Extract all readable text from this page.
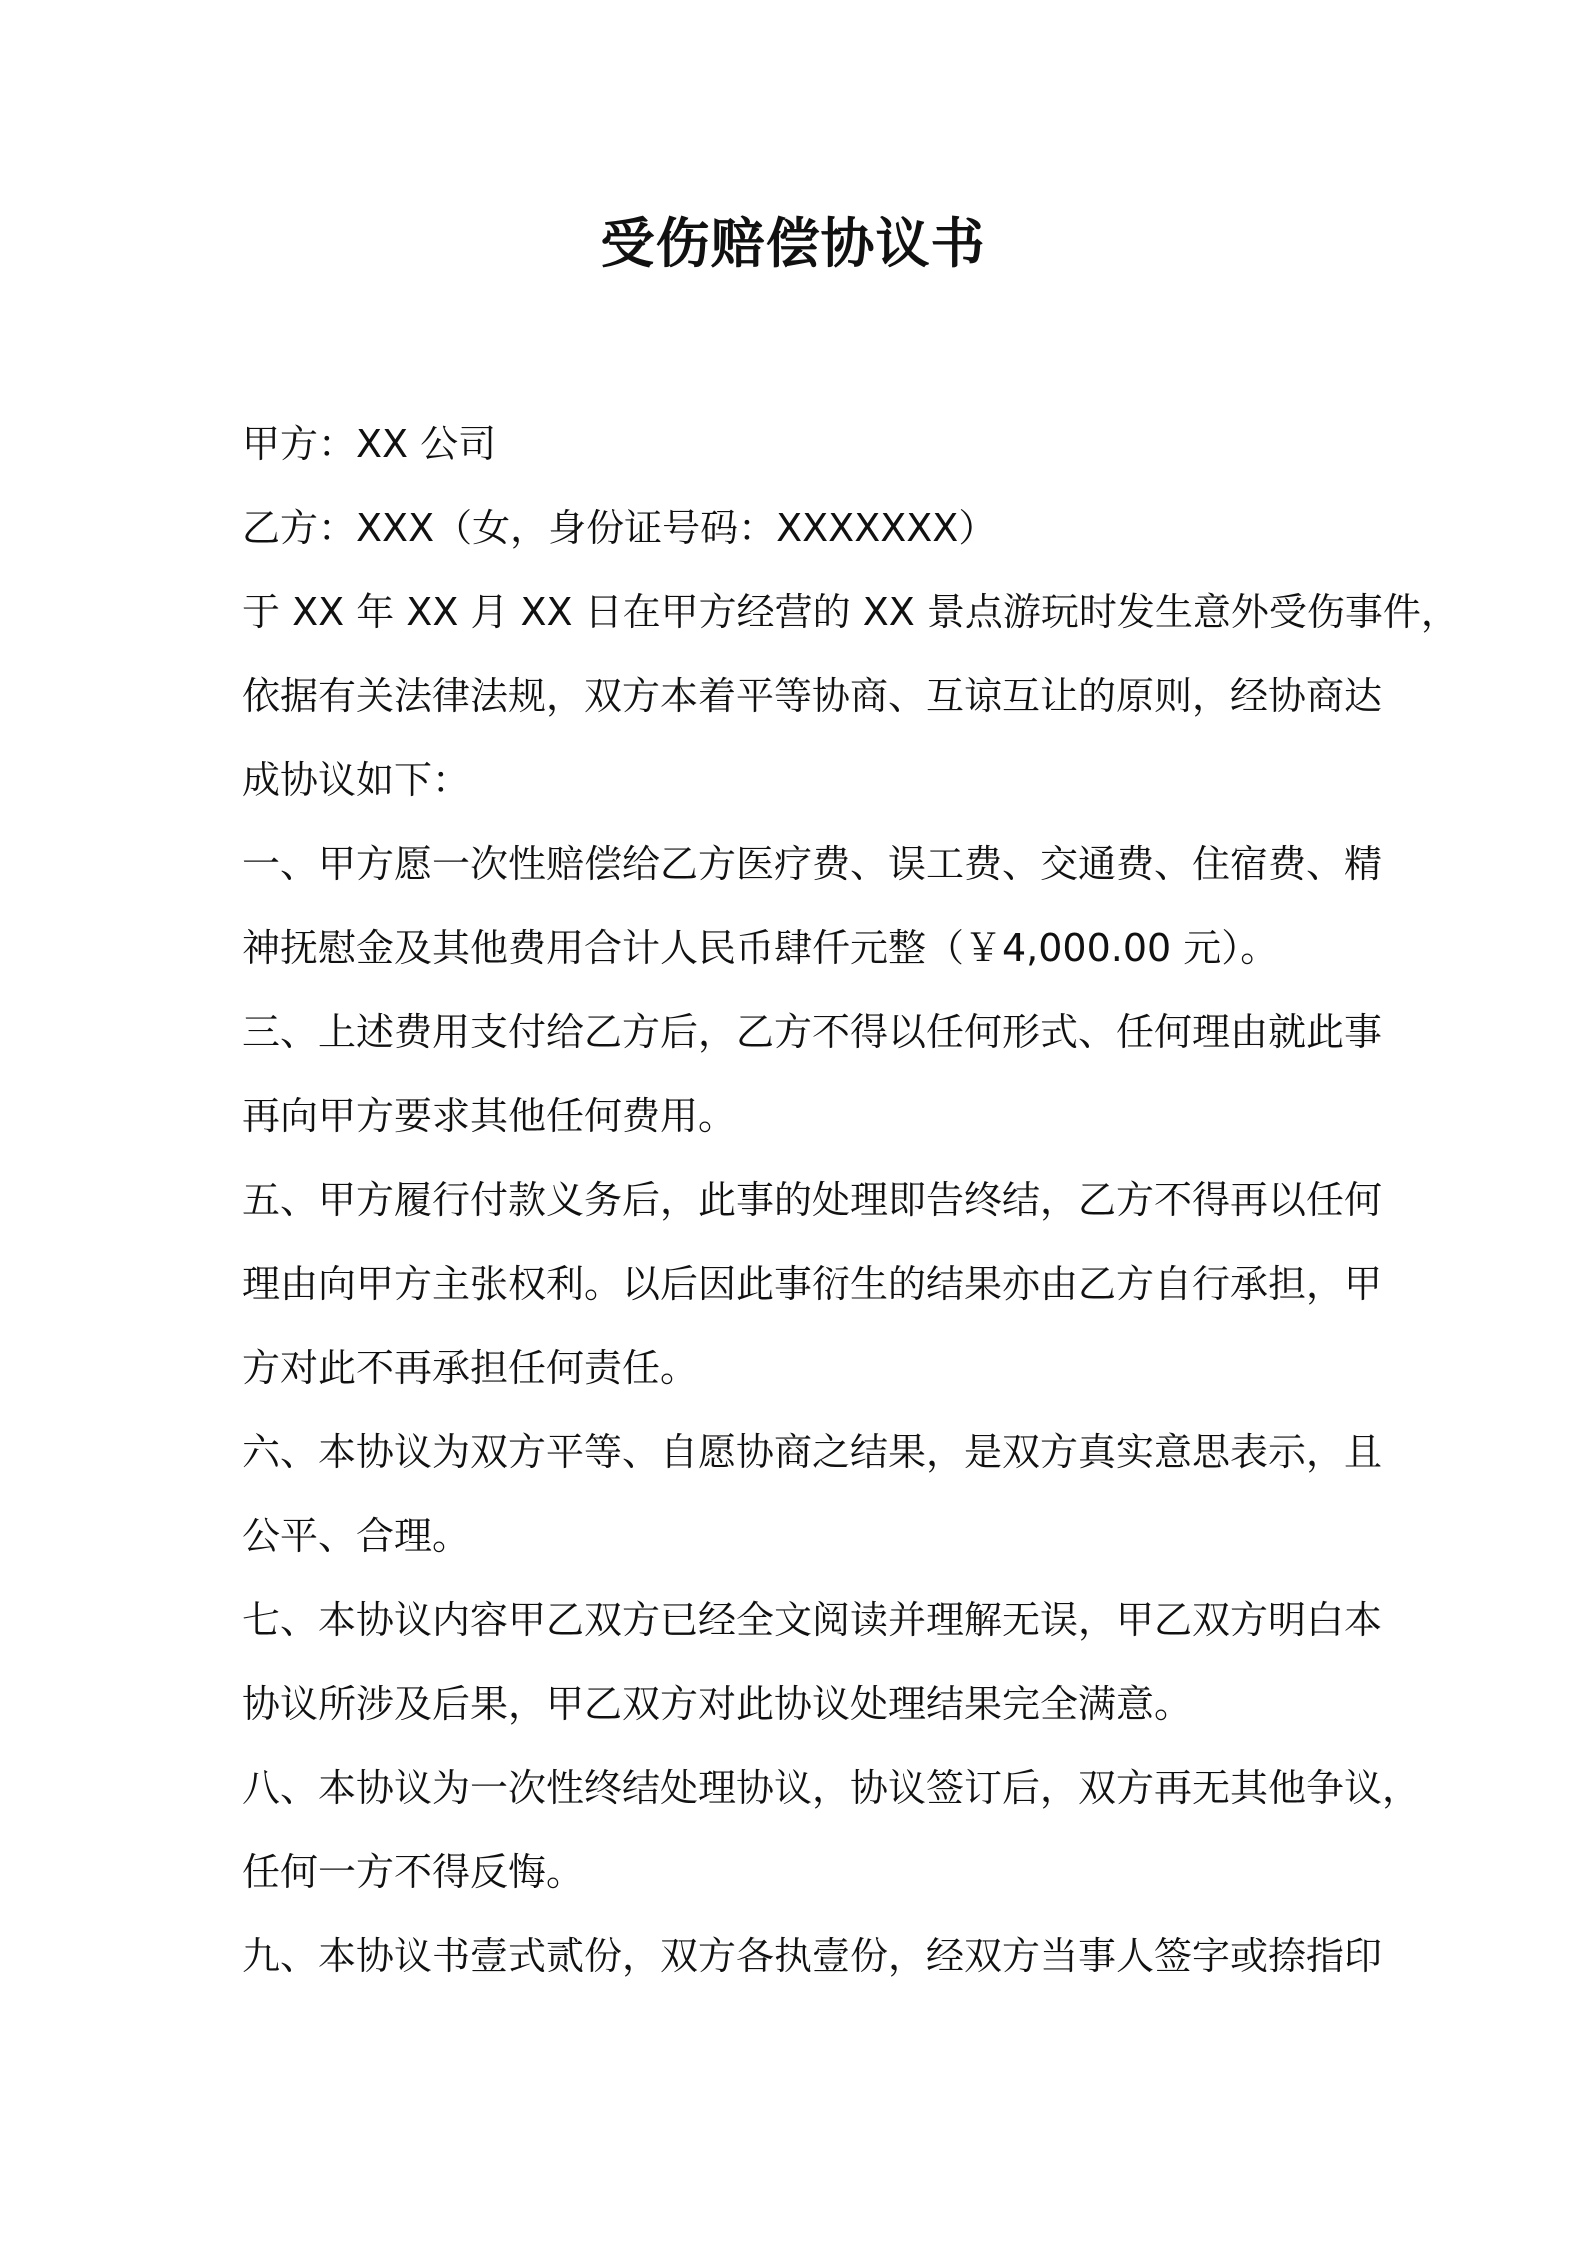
受伤赔偿协议书

甲方：XX 公司

乙方：XXX（女，身份证号码：XXXXXXX）

于 XX 年 XX 月 XX 日在甲方经营的 XX 景点游玩时发生意外受伤事件，

依据有关法律法规，双方本着平等协商、互谅互让的原则，经协商达

成协议如下：

一、甲方愿一次性赔偿给乙方医疗费、误工费、交通费、住宿费、精

神抚慰金及其他费用合计人民币肆仟元整（￥4,000.00 元）。

三、上述费用支付给乙方后，乙方不得以任何形式、任何理由就此事

再向甲方要求其他任何费用。

五、甲方履行付款义务后，此事的处理即告终结，乙方不得再以任何

理由向甲方主张权利。以后因此事衍生的结果亦由乙方自行承担，甲

方对此不再承担任何责任。

六、本协议为双方平等、自愿协商之结果，是双方真实意思表示，且

公平、合理。

七、本协议内容甲乙双方已经全文阅读并理解无误，甲乙双方明白本

协议所涉及后果，甲乙双方对此协议处理结果完全满意。

八、本协议为一次性终结处理协议，协议签订后，双方再无其他争议，

任何一方不得反悔。

九、本协议书壹式贰份，双方各执壹份，经双方当事人签字或捺指印
